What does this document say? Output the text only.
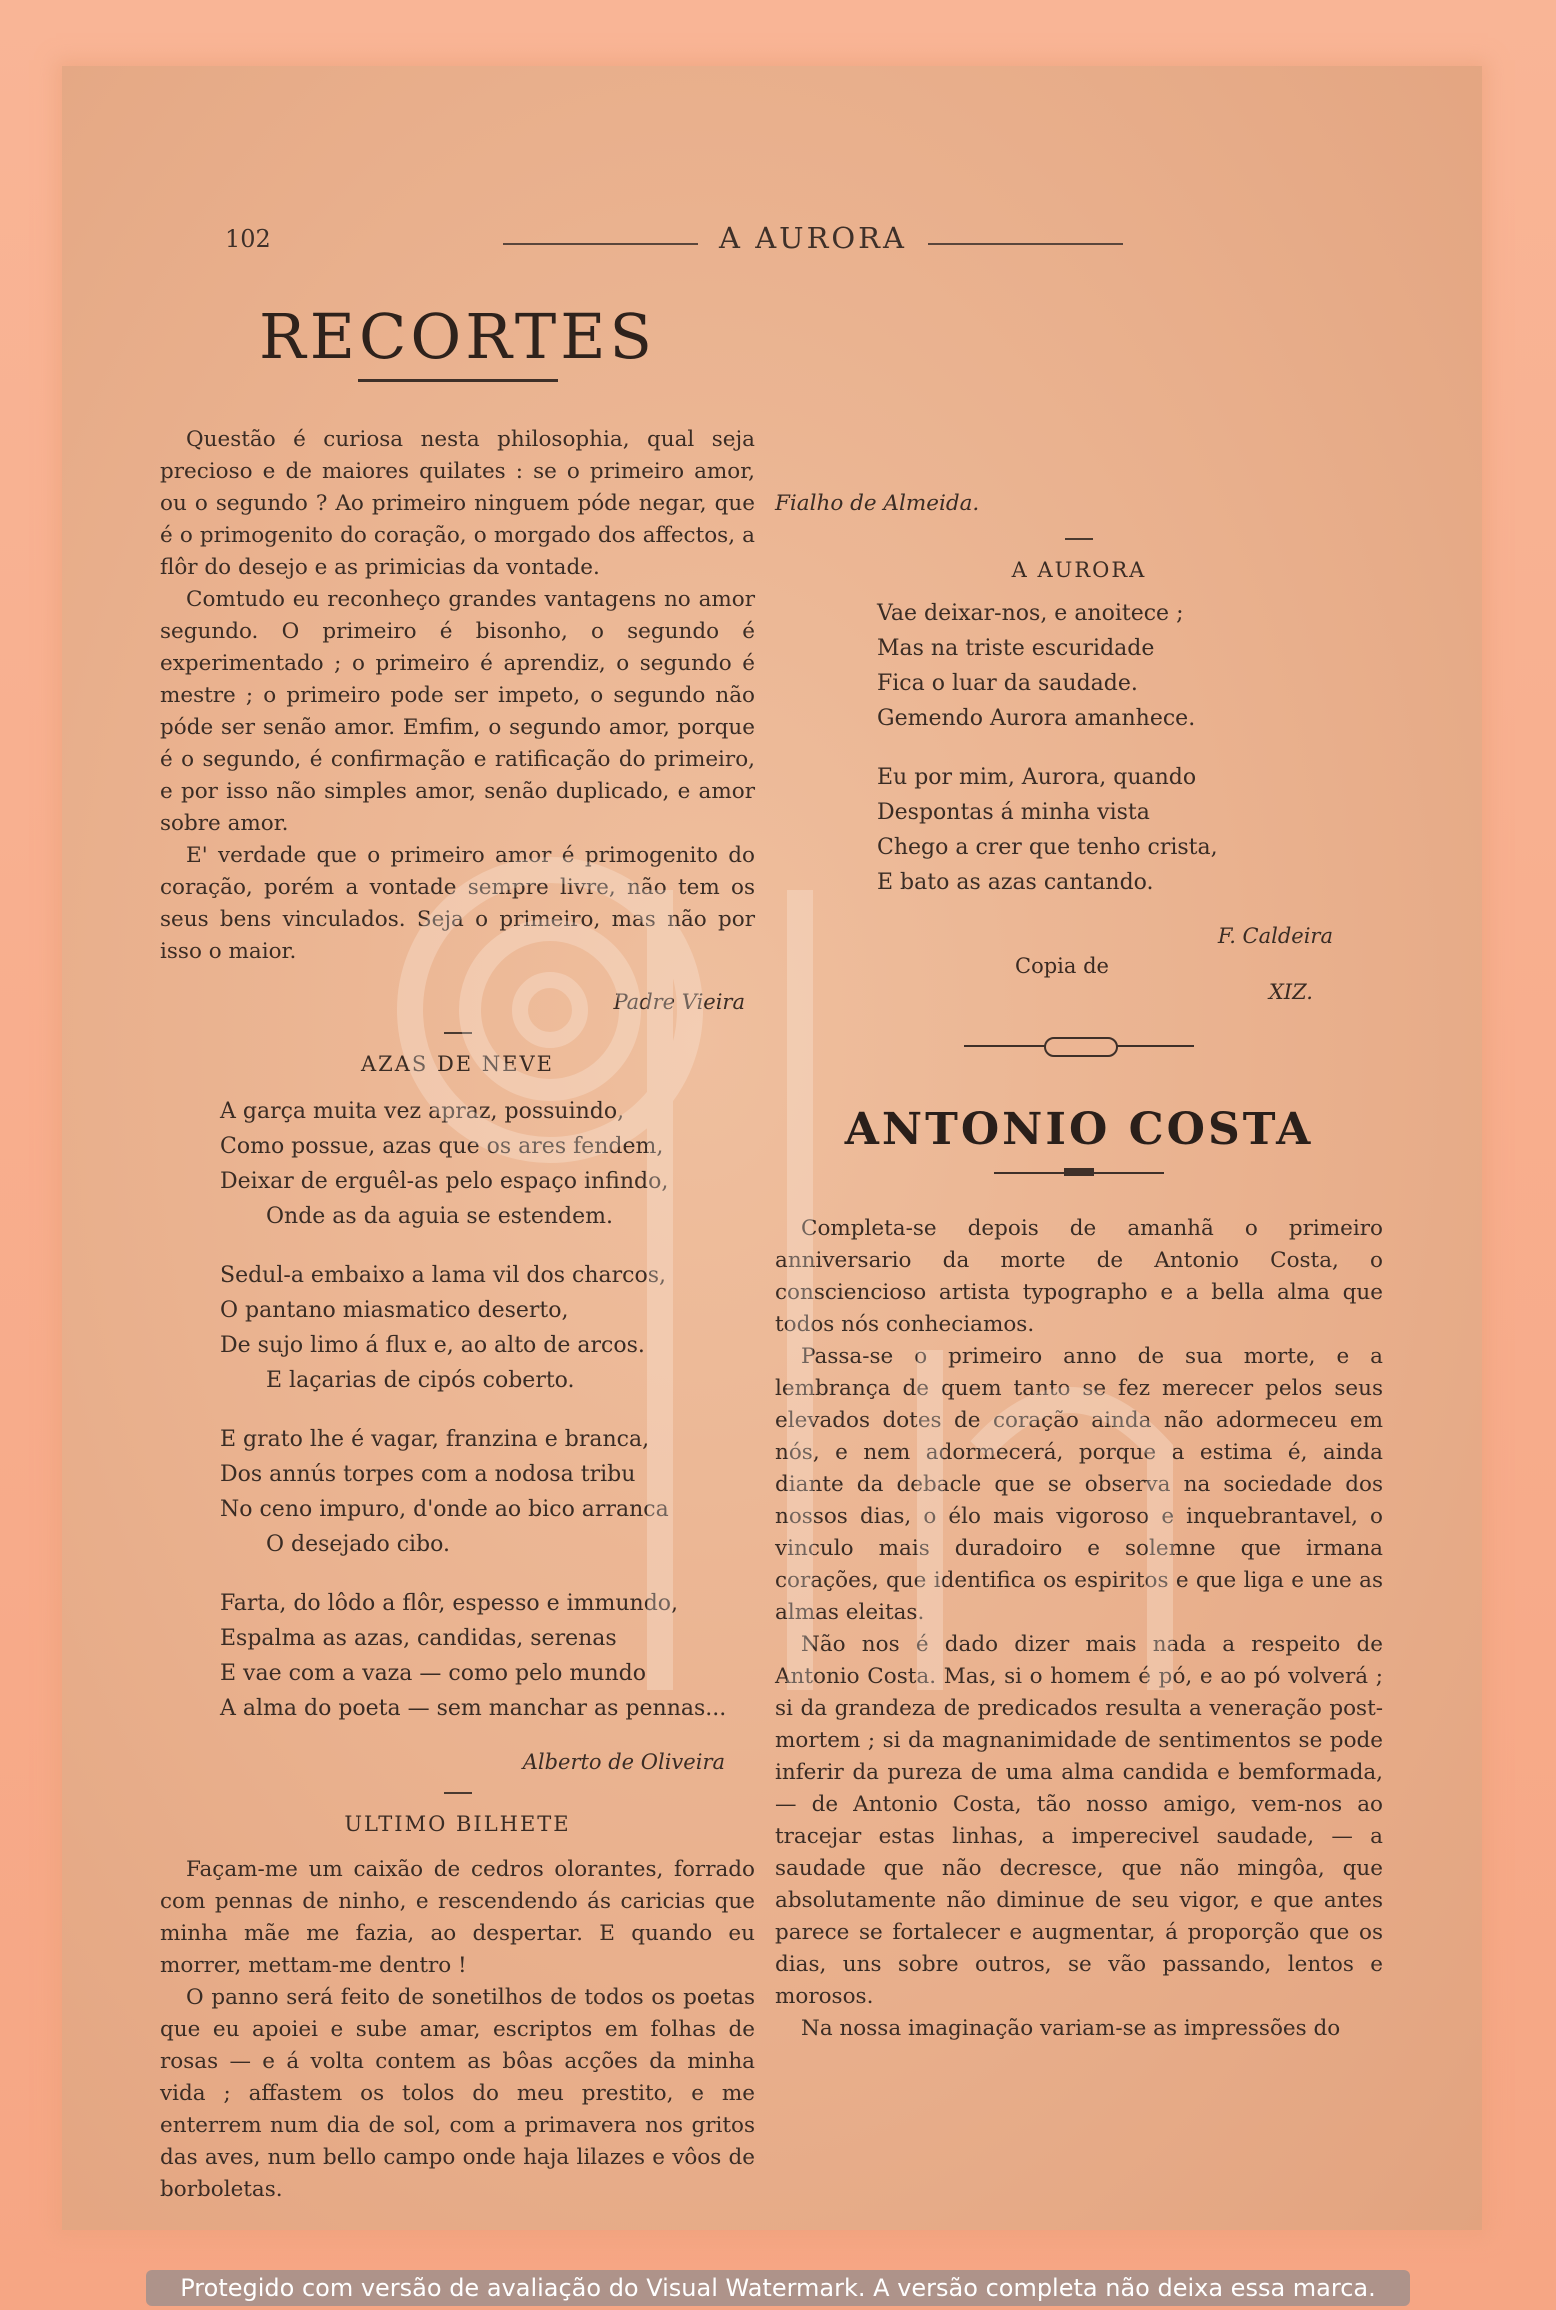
102	A AURORA
RECORTES

Questão é curiosa nesta philosophia, qual seja precioso e de maiores quilates : se o primeiro amor, ou o segundo ? Ao primeiro ninguem póde negar, que é o primogenito do coração, o morgado dos affectos, a flôr do desejo e as primicias da vontade.

Comtudo eu reconheço grandes vantagens no amor segundo. O primeiro é bisonho, o segundo é experimentado ; o primeiro é aprendiz, o segundo é mestre ; o primeiro pode ser impeto, o segundo não póde ser senão amor. Emfim, o segundo amor, porque é o segundo, é confirmação e ratificação do primeiro, e por isso não simples amor, senão duplicado, e amor sobre amor.

E' verdade que o primeiro amor é primogenito do coração, porém a vontade sempre livre, não tem os seus bens vinculados. Seja o primeiro, mas não por isso o maior.

Padre Vieira

AZAS DE NEVE

A garça muita vez apraz, possuindo,
Como possue, azas que os ares fendem,
Deixar de erguêl-as pelo espaço infindo,
Onde as da aguia se estendem.
Sedul-a embaixo a lama vil dos charcos,
O pantano miasmatico deserto,
De sujo limo á flux e, ao alto de arcos.
E laçarias de cipós coberto.
E grato lhe é vagar, franzina e branca,
Dos annús torpes com a nodosa tribu
No ceno impuro, d'onde ao bico arranca
O desejado cibo.
Farta, do lôdo a flôr, espesso e immundo,
Espalma as azas, candidas, serenas
E vae com a vaza — como pelo mundo
A alma do poeta — sem manchar as pennas...

Alberto de Oliveira

ULTIMO BILHETE

Façam-me um caixão de cedros olorantes, forrado com pennas de ninho, e rescendendo ás caricias que minha mãe me fazia, ao despertar. E quando eu morrer, mettam-me dentro !

O panno será feito de sonetilhos de todos os poetas que eu apoiei e sube amar, escriptos em folhas de rosas — e á volta contem as bôas acções da minha vida ; affastem os tolos do meu prestito, e me enterrem num dia de sol, com a primavera nos gritos das aves, num bello campo onde haja lilazes e vôos de borboletas.

Fialho de Almeida.

A AURORA

Vae deixar-nos, e anoitece ;
Mas na triste escuridade
Fica o luar da saudade.
Gemendo Aurora amanhece.
Eu por mim, Aurora, quando
Despontas á minha vista
Chego a crer que tenho crista,
E bato as azas cantando.

F. Caldeira

Copia de
XIZ.

ANTONIO COSTA

Completa-se depois de amanhã o primeiro anniversario da morte de Antonio Costa, o consciencioso artista typographo e a bella alma que todos nós conheciamos.

Passa-se o primeiro anno de sua morte, e a lembrança de quem tanto se fez merecer pelos seus elevados dotes de coração ainda não adormeceu em nós, e nem adormecerá, porque a estima é, ainda diante da debacle que se observa na sociedade dos nossos dias, o élo mais vigoroso e inquebrantavel, o vinculo mais duradoiro e solemne que irmana corações, que identifica os espiritos e que liga e une as almas eleitas.

Não nos é dado dizer mais nada a respeito de Antonio Costa. Mas, si o homem é pó, e ao pó volverá ; si da grandeza de predicados resulta a veneração post-mortem ; si da magnanimidade de sentimentos se pode inferir da pureza de uma alma candida e bemformada, — de Antonio Costa, tão nosso amigo, vem-nos ao tracejar estas linhas, a imperecivel saudade, — a saudade que não decresce, que não mingôa, que absolutamente não diminue de seu vigor, e que antes parece se fortalecer e augmentar, á proporção que os dias, uns sobre outros, se vão passando, lentos e morosos.

Na nossa imaginação variam-se as impressões do

Protegido com versão de avaliação do Visual Watermark. A versão completa não deixa essa marca.
